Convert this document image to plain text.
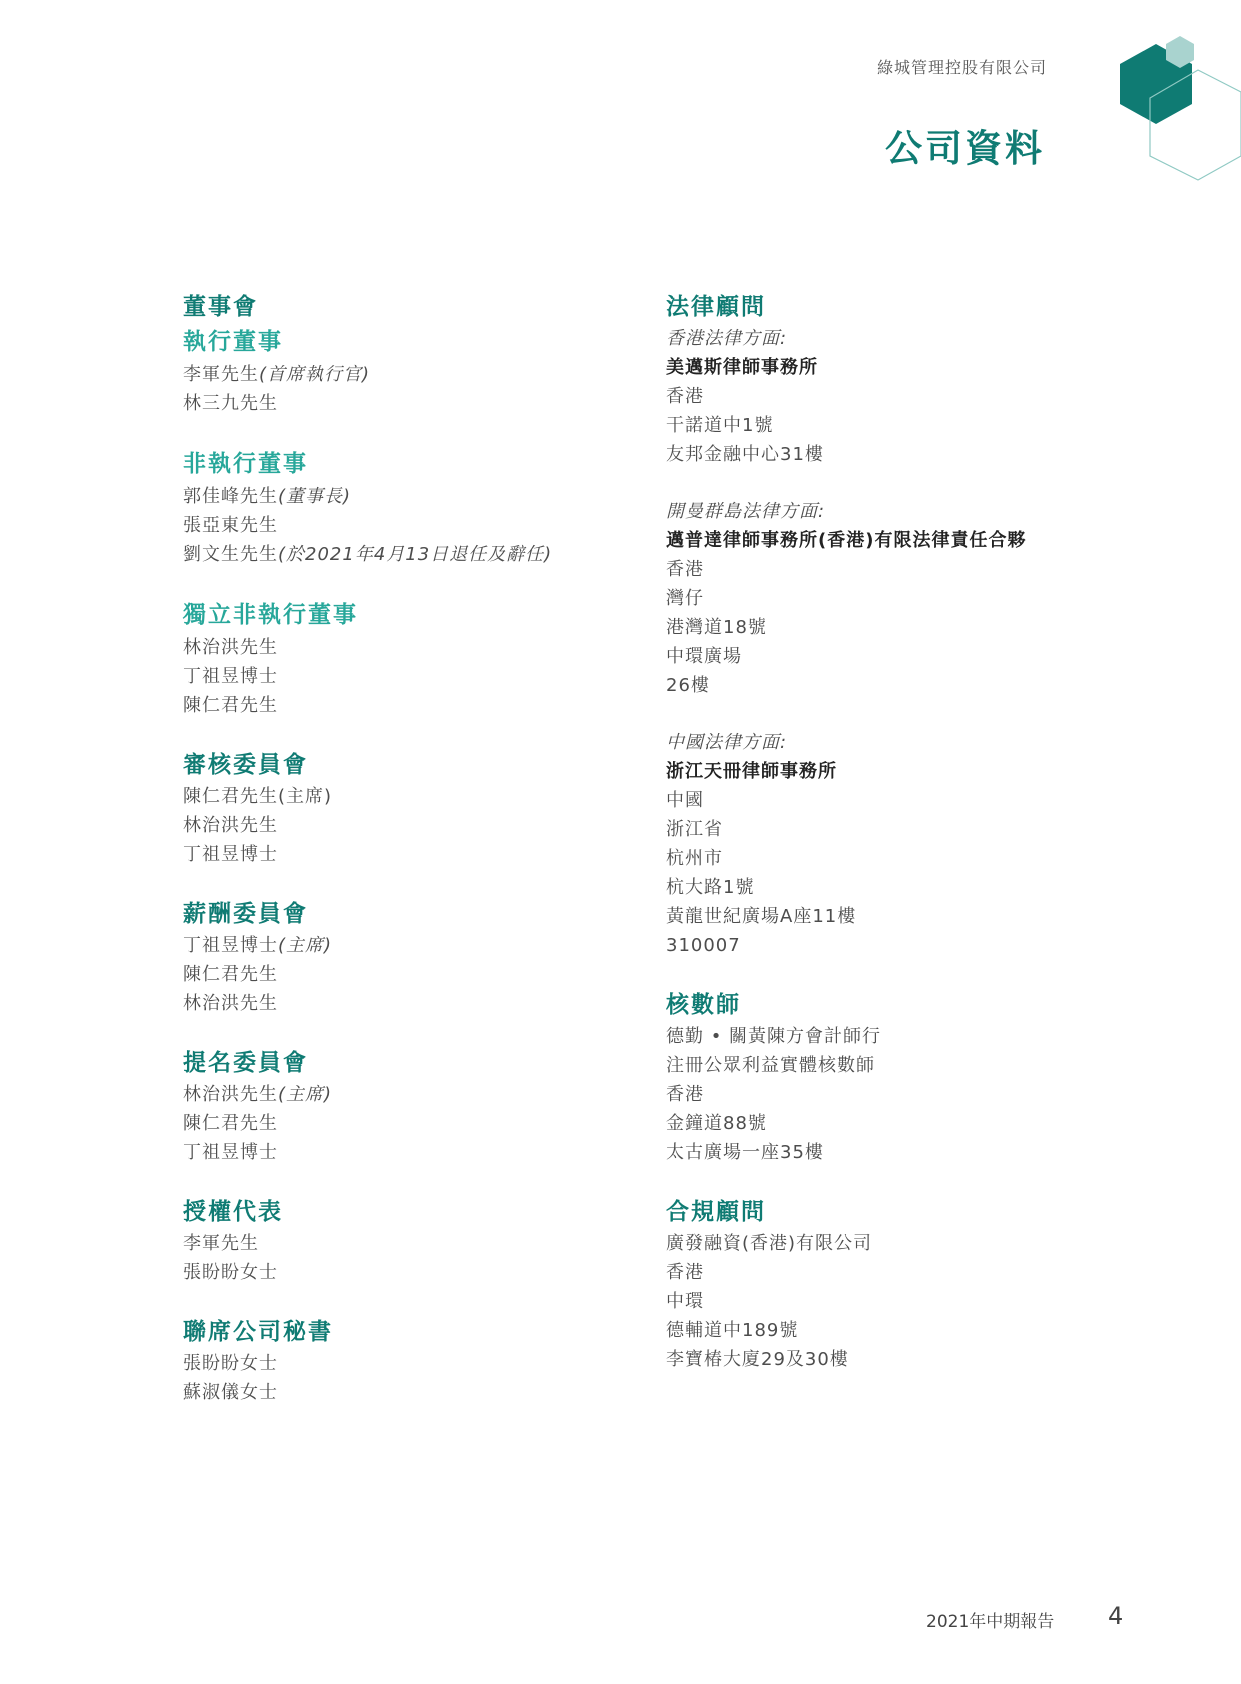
綠城管理控股有限公司
公司資料
董事會
執行董事
李軍先生(首席執行官)
林三九先生
非執行董事
郭佳峰先生(董事長)
張亞東先生
劉文生先生(於2021年4月13日退任及辭任)
獨立非執行董事
林治洪先生
丁祖昱博士
陳仁君先生
審核委員會
陳仁君先生(主席)
林治洪先生
丁祖昱博士
薪酬委員會
丁祖昱博士(主席)
陳仁君先生
林治洪先生
提名委員會
林治洪先生(主席)
陳仁君先生
丁祖昱博士
授權代表
李軍先生
張盼盼女士
聯席公司秘書
張盼盼女士
蘇淑儀女士
法律顧問
香港法律方面:
美邁斯律師事務所
香港
干諾道中1號
友邦金融中心31樓
開曼群島法律方面:
邁普達律師事務所(香港)有限法律責任合夥
香港
灣仔
港灣道18號
中環廣場
26樓
中國法律方面:
浙江天冊律師事務所
中國
浙江省
杭州市
杭大路1號
黃龍世紀廣場A座11樓
310007
核數師
德勤 • 關黃陳方會計師行
注冊公眾利益實體核數師
香港
金鐘道88號
太古廣場一座35樓
合規顧問
廣發融資(香港)有限公司
香港
中環
德輔道中189號
李寶椿大廈29及30樓
2021年中期報告 4
